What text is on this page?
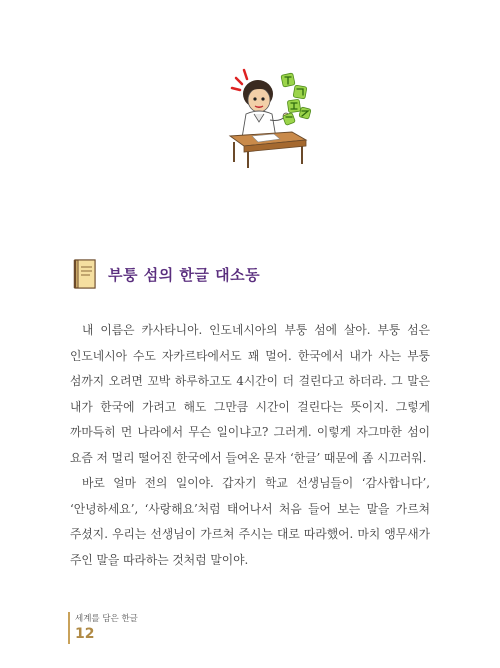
부퉁 섬의 한글 대소동

내 이름은 카사타니아. 인도네시아의 부퉁 섬에 살아. 부퉁 섬은 인도네시아 수도 자카르타에서도 꽤 멀어. 한국에서 내가 사는 부퉁 섬까지 오려면 꼬박 하루하고도 4시간이 더 걸린다고 하더라. 그 말은 내가 한국에 가려고 해도 그만큼 시간이 걸린다는 뜻이지. 그렇게 까마득히 먼 나라에서 무슨 일이냐고? 그러게. 이렇게 자그마한 섬이 요즘 저 멀리 떨어진 한국에서 들여온 문자 ‘한글’ 때문에 좀 시끄러워.

바로 얼마 전의 일이야. 갑자기 학교 선생님들이 ‘감사합니다’, ‘안녕하세요’, ‘사랑해요’처럼 태어나서 처음 들어 보는 말을 가르쳐 주셨지. 우리는 선생님이 가르쳐 주시는 대로 따라했어. 마치 앵무새가 주인 말을 따라하는 것처럼 말이야.

세계를 담은 한글
12
